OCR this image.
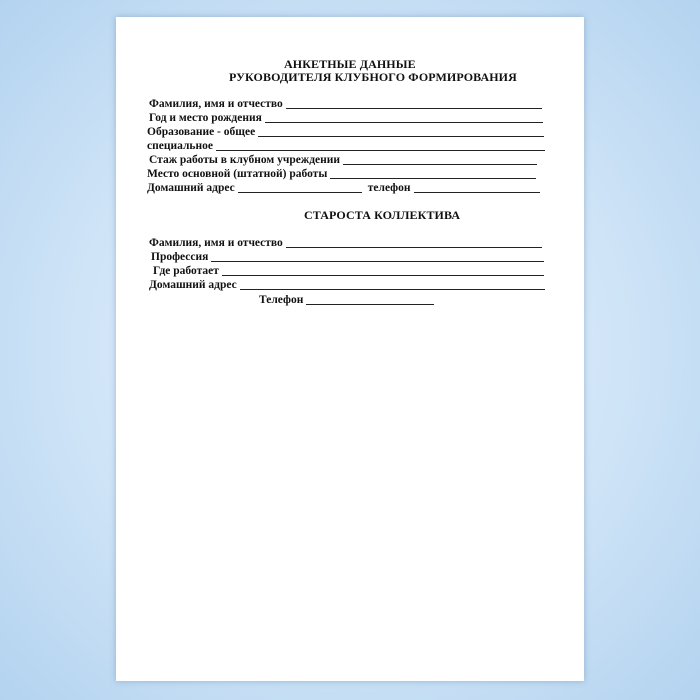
АНКЕТНЫЕ ДАННЫЕ
РУКОВОДИТЕЛЯ КЛУБНОГО ФОРМИРОВАНИЯ
Фамилия, имя и отчество
Год и место рождения
Образование - общее
специальное
Стаж работы в клубном учреждении
Место основной (штатной) работы
Домашний адрес	телефон
СТАРОСТА КОЛЛЕКТИВА
Фамилия, имя и отчество
Профессия
Где работает
Домашний адрес
Телефон
